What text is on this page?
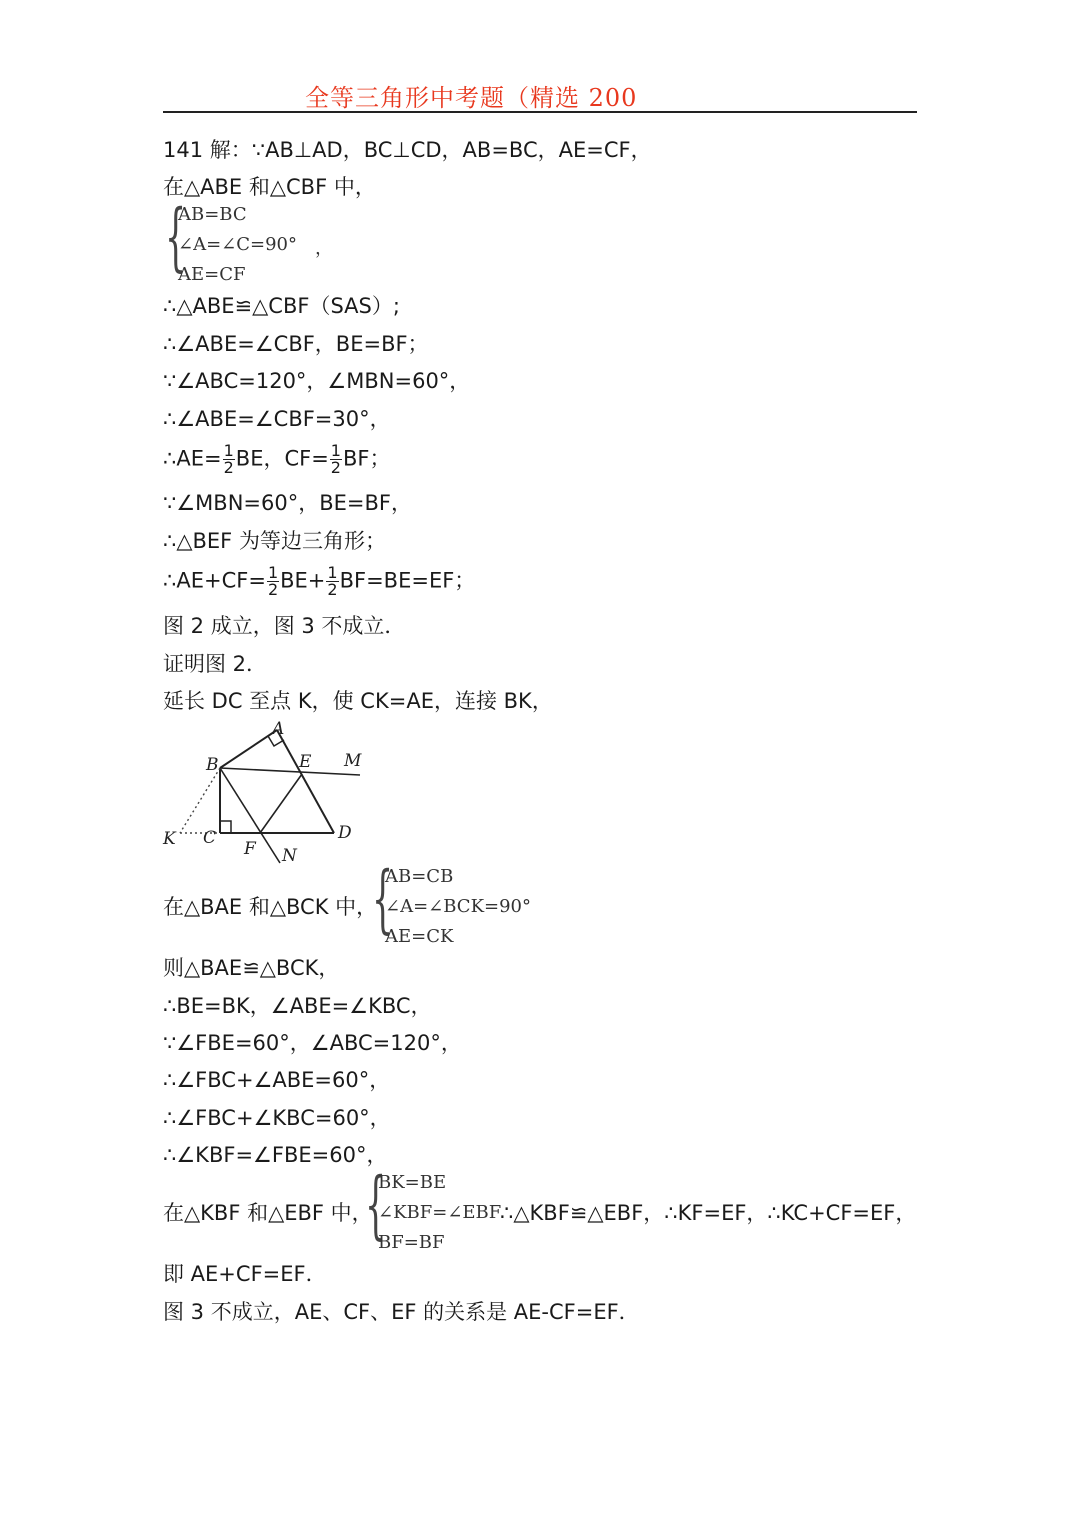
全等三角形中考题（精选 200
141 解：∵AB⊥AD，BC⊥CD，AB=BC，AE=CF，
在△ABE 和△CBF 中，
{
AB=BC
∠A=∠C=90° ，
AE=CF
∴△ABE≌△CBF（SAS）;
∴∠ABE=∠CBF，BE=BF；
∵∠ABC=120°，∠MBN=60°，
∴∠ABE=∠CBF=30°，
∴AE= $\frac{1}{2}$ BE，$CF= \frac{1}{2}$ BF；
∵∠MBN=60°，BE=BF，
∴△BEF 为等边三角形；
∴AE+CF= $\frac{1}{2} BE+ \frac{1}{2} BF=BE=EF$；
图 2 成立，图 3 不成立．
证明图 2．
延长 DC 至点 K，使 CK=AE，连接 BK，
A
B	E M
K C
F
D
N
在△BAE 和△BCK 中，
{
AB=CB
∠A=∠BCK=90°
AE=CK
则△BAE≌△BCK，
∴BE=BK，∠ABE=∠KBC，
∵∠FBE=60°，∠ABC=120°，
∴∠FBC+∠ABE=60°，
∴∠FBC+∠KBC=60°，
∴∠KBF=∠FBE=60°，
在△KBF 和△EBF 中，
{
BK=BE
∠KBF=∠EBF
BF=BF
∴△KBF≌△EBF，∴KF=EF，∴KC+CF=EF，
即 AE+CF=EF．
图 3 不成立，AE、CF、EF 的关系是 AE-CF=EF．
